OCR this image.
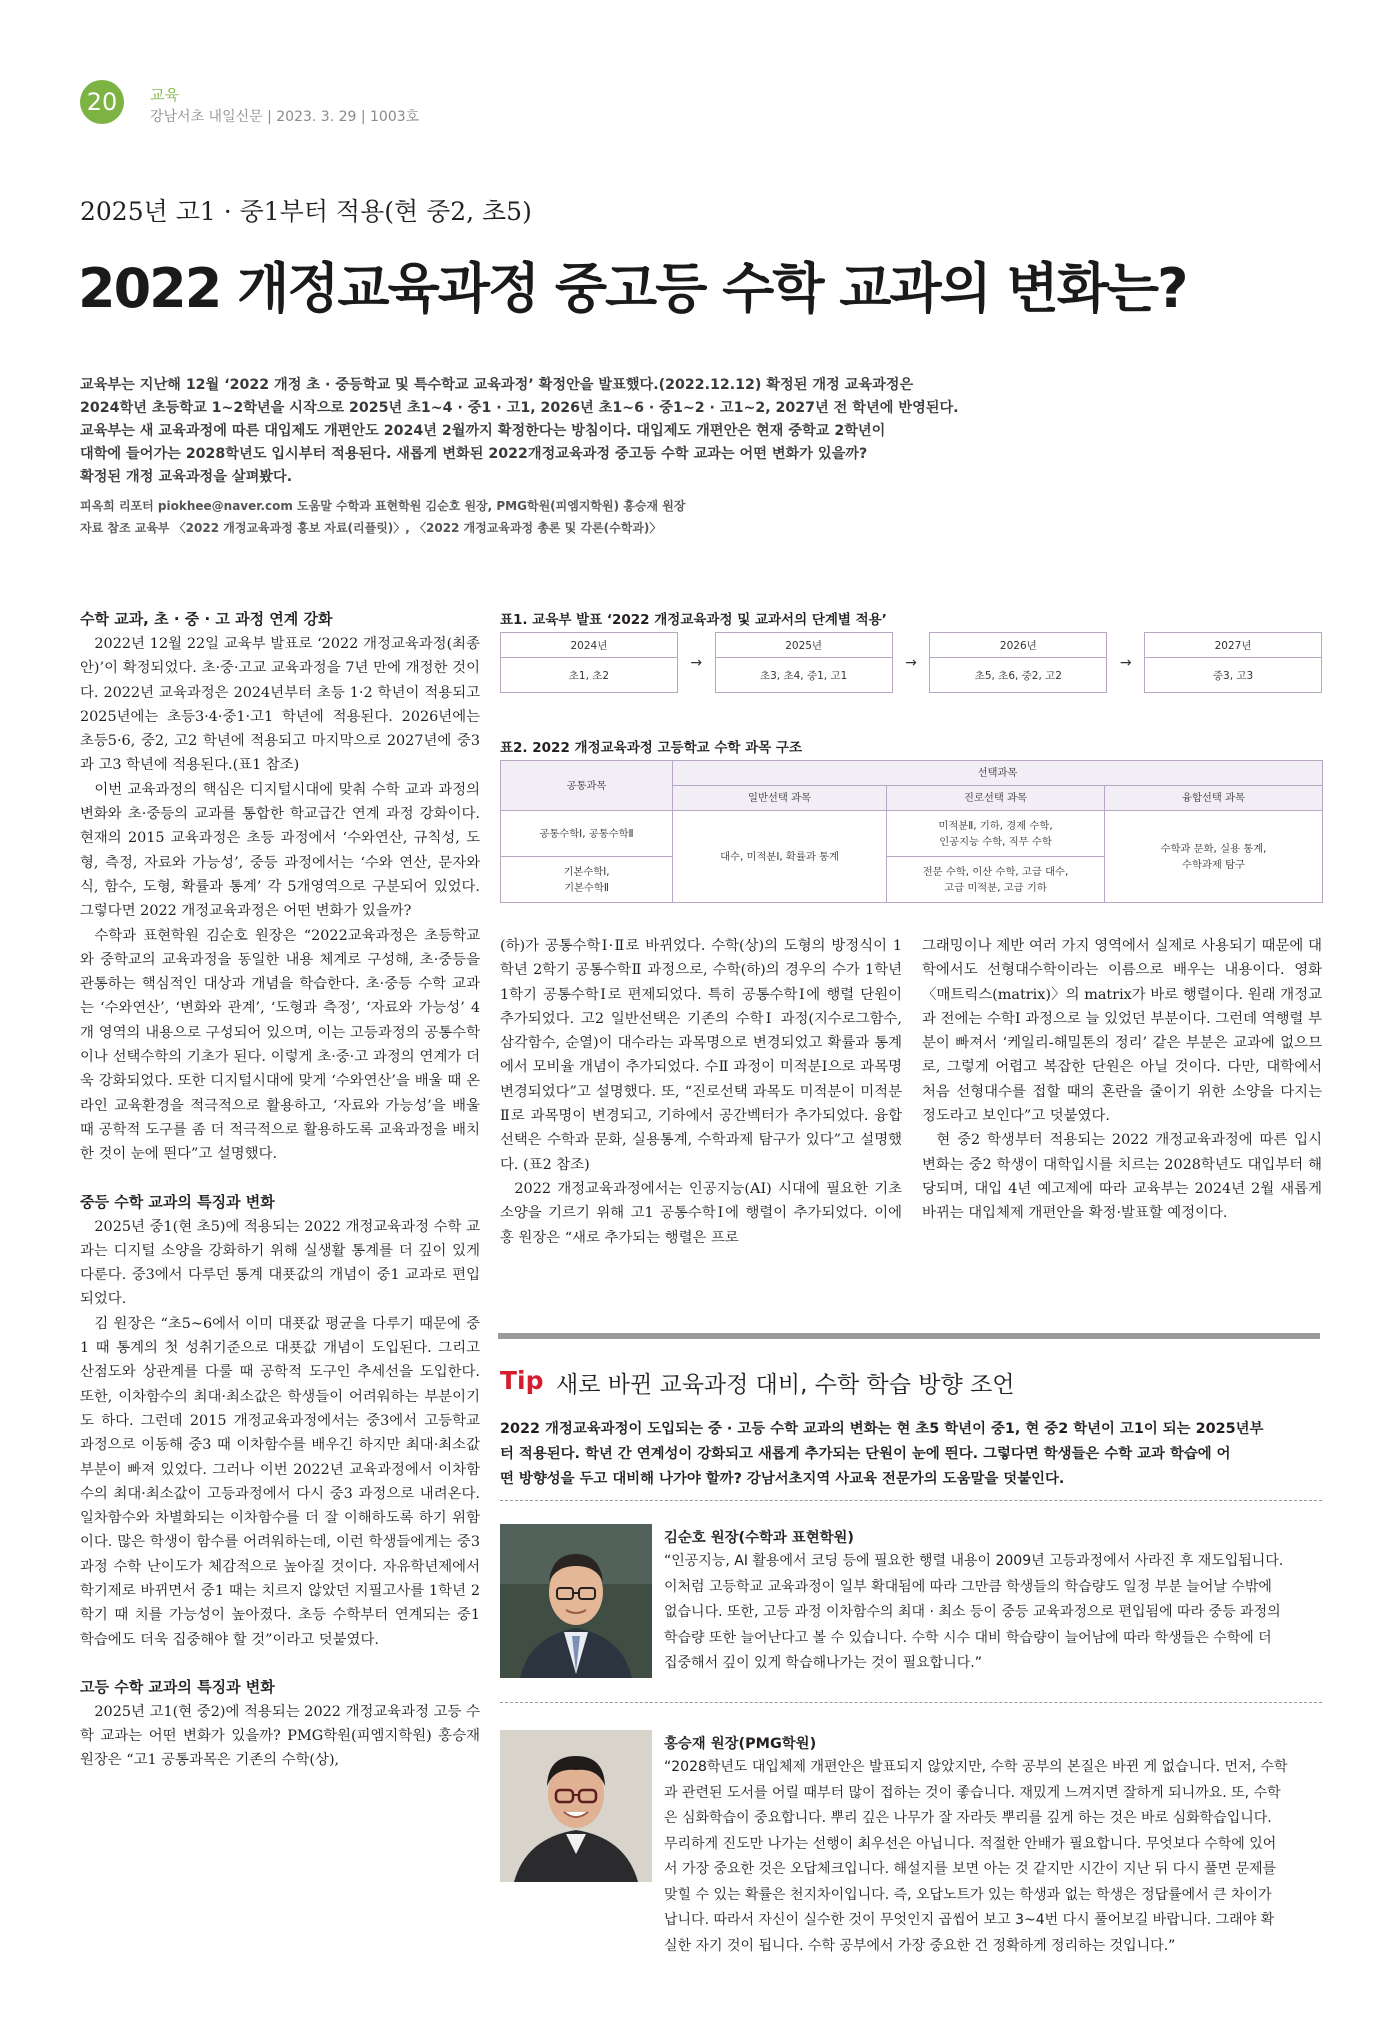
20	교육
강남서초 내일신문 | 2023. 3. 29 | 1003호
2025년 고1 · 중1부터 적용(현 중2, 초5)
2022 개정교육과정 중고등 수학 교과의 변화는?

교육부는 지난해 12월 ‘2022 개정 초 · 중등학교 및 특수학교 교육과정’ 확정안을 발표했다.(2022.12.12) 확정된 개정 교육과정은

2024학년 초등학교 1~2학년을 시작으로 2025년 초1~4 · 중1 · 고1, 2026년 초1~6 · 중1~2 · 고1~2, 2027년 전 학년에 반영된다.

교육부는 새 교육과정에 따른 대입제도 개편안도 2024년 2월까지 확정한다는 방침이다. 대입제도 개편안은 현재 중학교 2학년이

대학에 들어가는 2028학년도 입시부터 적용된다. 새롭게 변화된 2022개정교육과정 중고등 수학 교과는 어떤 변화가 있을까?

확정된 개정 교육과정을 살펴봤다.

피옥희 리포터 piokhee@naver.com 도움말 수학과 표현학원 김순호 원장, PMG학원(피엠지학원) 홍승재 원장
자료 참조 교육부 〈2022 개정교육과정 홍보 자료(리플릿)〉, 〈2022 개정교육과정 총론 및 각론(수학과)〉
수학 교과, 초 · 중 · 고 과정 연계 강화

2022년 12월 22일 교육부 발표로 ‘2022 개정교육과정(최종안)’이 확정되었다. 초·중·고교 교육과정을 7년 만에 개정한 것이다. 2022년 교육과정은 2024년부터 초등 1·2 학년이 적용되고 2025년에는 초등3·4·중1·고1 학년에 적용된다. 2026년에는 초등5·6, 중2, 고2 학년에 적용되고 마지막으로 2027년에 중3과 고3 학년에 적용된다.(표1 참조)

이번 교육과정의 핵심은 디지털시대에 맞춰 수학 교과 과정의 변화와 초·중등의 교과를 통합한 학교급간 연계 과정 강화이다. 현재의 2015 교육과정은 초등 과정에서 ‘수와연산, 규칙성, 도형, 측정, 자료와 가능성’, 중등 과정에서는 ‘수와 연산, 문자와 식, 함수, 도형, 확률과 통계’ 각 5개영역으로 구분되어 있었다. 그렇다면 2022 개정교육과정은 어떤 변화가 있을까?

수학과 표현학원 김순호 원장은 “2022교육과정은 초등학교와 중학교의 교육과정을 동일한 내용 체계로 구성해, 초·중등을 관통하는 핵심적인 대상과 개념을 학습한다. 초·중등 수학 교과는 ‘수와연산’, ‘변화와 관계’, ‘도형과 측정’, ‘자료와 가능성’ 4개 영역의 내용으로 구성되어 있으며, 이는 고등과정의 공통수학이나 선택수학의 기초가 된다. 이렇게 초·중·고 과정의 연계가 더욱 강화되었다. 또한 디지털시대에 맞게 ‘수와연산’을 배울 때 온라인 교육환경을 적극적으로 활용하고, ‘자료와 가능성’을 배울 때 공학적 도구를 좀 더 적극적으로 활용하도록 교육과정을 배치한 것이 눈에 띈다”고 설명했다.

중등 수학 교과의 특징과 변화

2025년 중1(현 초5)에 적용되는 2022 개정교육과정 수학 교과는 디지털 소양을 강화하기 위해 실생활 통계를 더 깊이 있게 다룬다. 중3에서 다루던 통계 대푯값의 개념이 중1 교과로 편입되었다.

김 원장은 “초5~6에서 이미 대푯값 평균을 다루기 때문에 중1 때 통계의 첫 성취기준으로 대푯값 개념이 도입된다. 그리고 산점도와 상관계를 다룰 때 공학적 도구인 추세선을 도입한다. 또한, 이차함수의 최대·최소값은 학생들이 어려워하는 부분이기도 하다. 그런데 2015 개정교육과정에서는 중3에서 고등학교 과정으로 이동해 중3 때 이차함수를 배우긴 하지만 최대·최소값 부분이 빠져 있었다. 그러나 이번 2022년 교육과정에서 이차함수의 최대·최소값이 고등과정에서 다시 중3 과정으로 내려온다. 일차함수와 차별화되는 이차함수를 더 잘 이해하도록 하기 위함이다. 많은 학생이 함수를 어려워하는데, 이런 학생들에게는 중3 과정 수학 난이도가 체감적으로 높아질 것이다. 자유학년제에서 학기제로 바뀌면서 중1 때는 치르지 않았던 지필고사를 1학년 2학기 때 치를 가능성이 높아졌다. 초등 수학부터 연계되는 중1 학습에도 더욱 집중해야 할 것”이라고 덧붙였다.

고등 수학 교과의 특징과 변화

2025년 고1(현 중2)에 적용되는 2022 개정교육과정 고등 수학 교과는 어떤 변화가 있을까? PMG학원(피엠지학원) 홍승재 원장은 “고1 공통과목은 기존의 수학(상),

표1. 교육부 발표 ‘2022 개정교육과정 및 교과서의 단계별 적용’
2024년	→	2025년	→	2026년	→	2027년
초1, 초2		초3, 초4, 중1, 고1		초5, 초6, 중2, 고2		중3, 고3
표2. 2022 개정교육과정 고등학교 수학 과목 구조
공통과목	선택과목		
	일반선택 과목	진로선택 과목	융합선택 과목
공통수학Ⅰ, 공통수학Ⅱ	대수, 미적분Ⅰ, 확률과 통계	미적분Ⅱ, 기하, 경제 수학,
인공지능 수학, 직무 수학	수학과 문화, 실용 통계,
수학과제 탐구
기본수학Ⅰ,
기본수학Ⅱ		전문 수학, 이산 수학, 고급 대수,
고급 미적분, 고급 기하	

(하)가 공통수학Ⅰ·Ⅱ로 바뀌었다. 수학(상)의 도형의 방정식이 1학년 2학기 공통수학Ⅱ 과정으로, 수학(하)의 경우의 수가 1학년 1학기 공통수학Ⅰ로 편제되었다. 특히 공통수학Ⅰ에 행렬 단원이 추가되었다. 고2 일반선택은 기존의 수학Ⅰ 과정(지수로그함수, 삼각함수, 순열)이 대수라는 과목명으로 변경되었고 확률과 통계에서 모비율 개념이 추가되었다. 수Ⅱ 과정이 미적분Ⅰ으로 과목명 변경되었다”고 설명했다. 또, “진로선택 과목도 미적분이 미적분Ⅱ로 과목명이 변경되고, 기하에서 공간벡터가 추가되었다. 융합선택은 수학과 문화, 실용통계, 수학과제 탐구가 있다”고 설명했다. (표2 참조)

2022 개정교육과정에서는 인공지능(AI) 시대에 필요한 기초 소양을 기르기 위해 고1 공통수학Ⅰ에 행렬이 추가되었다. 이에 홍 원장은 “새로 추가되는 행렬은 프로

그래밍이나 제반 여러 가지 영역에서 실제로 사용되기 때문에 대학에서도 선형대수학이라는 이름으로 배우는 내용이다. 영화 〈매트릭스(matrix)〉의 matrix가 바로 행렬이다. 원래 개정교과 전에는 수학Ⅰ 과정으로 늘 있었던 부분이다. 그런데 역행렬 부분이 빠져서 ‘케일리-해밀톤의 정리’ 같은 부분은 교과에 없으므로, 그렇게 어렵고 복잡한 단원은 아닐 것이다. 다만, 대학에서 처음 선형대수를 접할 때의 혼란을 줄이기 위한 소양을 다지는 정도라고 보인다”고 덧붙였다.

현 중2 학생부터 적용되는 2022 개정교육과정에 따른 입시 변화는 중2 학생이 대학입시를 치르는 2028학년도 대입부터 해당되며, 대입 4년 예고제에 따라 교육부는 2024년 2월 새롭게 바뀌는 대입체제 개편안을 확정·발표할 예정이다.

Tip 새로 바뀐 교육과정 대비, 수학 학습 방향 조언

2022 개정교육과정이 도입되는 중 · 고등 수학 교과의 변화는 현 초5 학년이 중1, 현 중2 학년이 고1이 되는 2025년부

터 적용된다. 학년 간 연계성이 강화되고 새롭게 추가되는 단원이 눈에 띈다. 그렇다면 학생들은 수학 교과 학습에 어

떤 방향성을 두고 대비해 나가야 할까? 강남서초지역 사교육 전문가의 도움말을 덧붙인다.

김순호 원장(수학과 표현학원)

“인공지능, AI 활용에서 코딩 등에 필요한 행렬 내용이 2009년 고등과정에서 사라진 후 재도입됩니다.

이처럼 고등학교 교육과정이 일부 확대됨에 따라 그만큼 학생들의 학습량도 일정 부분 늘어날 수밖에

없습니다. 또한, 고등 과정 이차함수의 최대 · 최소 등이 중등 교육과정으로 편입됨에 따라 중등 과정의

학습량 또한 늘어난다고 볼 수 있습니다. 수학 시수 대비 학습량이 늘어남에 따라 학생들은 수학에 더

집중해서 깊이 있게 학습해나가는 것이 필요합니다.”

홍승재 원장(PMG학원)

“2028학년도 대입체제 개편안은 발표되지 않았지만, 수학 공부의 본질은 바뀐 게 없습니다. 먼저, 수학

과 관련된 도서를 어릴 때부터 많이 접하는 것이 좋습니다. 재밌게 느껴지면 잘하게 되니까요. 또, 수학

은 심화학습이 중요합니다. 뿌리 깊은 나무가 잘 자라듯 뿌리를 깊게 하는 것은 바로 심화학습입니다.

무리하게 진도만 나가는 선행이 최우선은 아닙니다. 적절한 안배가 필요합니다. 무엇보다 수학에 있어

서 가장 중요한 것은 오답체크입니다. 해설지를 보면 아는 것 같지만 시간이 지난 뒤 다시 풀면 문제를

맞힐 수 있는 확률은 천지차이입니다. 즉, 오답노트가 있는 학생과 없는 학생은 정답률에서 큰 차이가

납니다. 따라서 자신이 실수한 것이 무엇인지 곱씹어 보고 3~4번 다시 풀어보길 바랍니다. 그래야 확

실한 자기 것이 됩니다. 수학 공부에서 가장 중요한 건 정확하게 정리하는 것입니다.”
